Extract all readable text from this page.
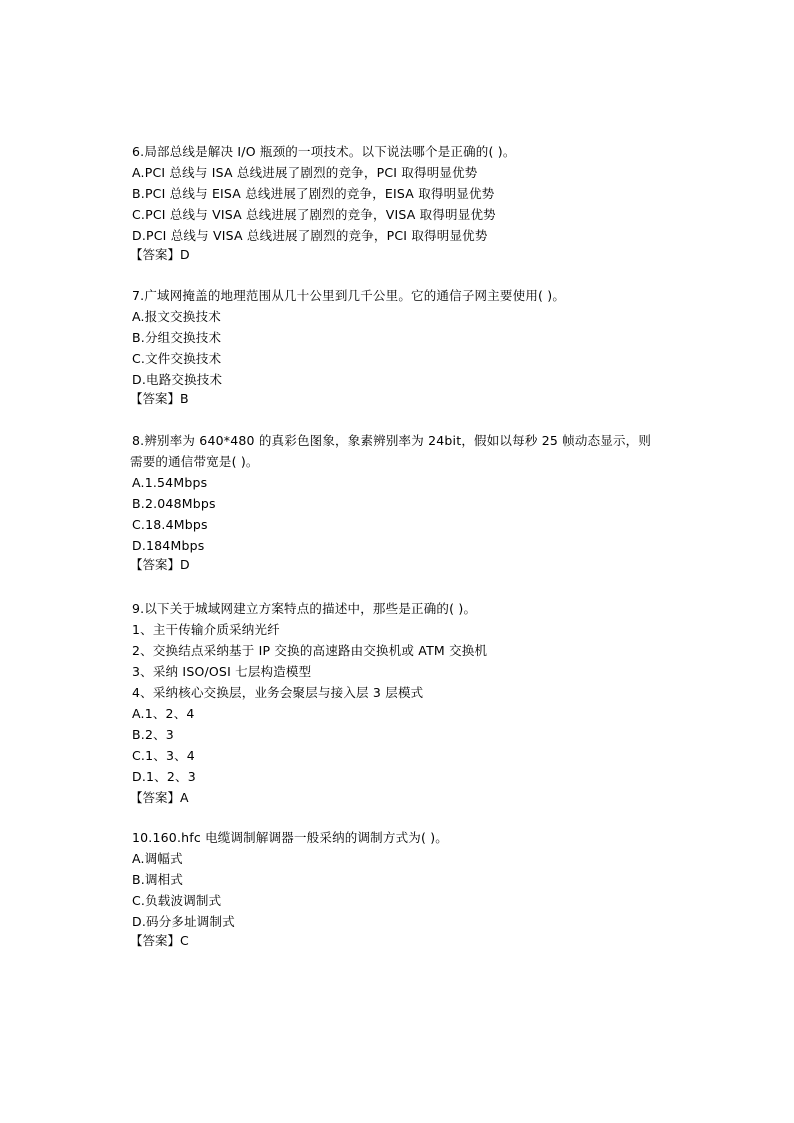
6.局部总线是解决 I/O 瓶颈的一项技术。以下说法哪个是正确的( )。
A.PCI 总线与 ISA 总线进展了剧烈的竞争，PCI 取得明显优势
B.PCI 总线与 EISA 总线进展了剧烈的竞争，EISA 取得明显优势
C.PCI 总线与 VISA 总线进展了剧烈的竞争，VISA 取得明显优势
D.PCI 总线与 VISA 总线进展了剧烈的竞争，PCI 取得明显优势
【答案】D
7.广域网掩盖的地理范围从几十公里到几千公里。它的通信子网主要使用( )。
A.报文交换技术
B.分组交换技术
C.文件交换技术
D.电路交换技术
【答案】B
8.辨别率为 640*480 的真彩色图象，象素辨别率为 24bit，假如以每秒 25 帧动态显示，则
需要的通信带宽是( )。
A.1.54Mbps
B.2.048Mbps
C.18.4Mbps
D.184Mbps
【答案】D
9.以下关于城域网建立方案特点的描述中，那些是正确的( )。
1、主干传输介质采纳光纤
2、交换结点采纳基于 IP 交换的高速路由交换机或 ATM 交换机
3、采纳 ISO/OSI 七层构造模型
4、采纳核心交换层，业务会聚层与接入层 3 层模式
A.1、2、4
B.2、3
C.1、3、4
D.1、2、3
【答案】A
10.160.hfc 电缆调制解调器一般采纳的调制方式为( )。
A.调幅式
B.调相式
C.负载波调制式
D.码分多址调制式
【答案】C
